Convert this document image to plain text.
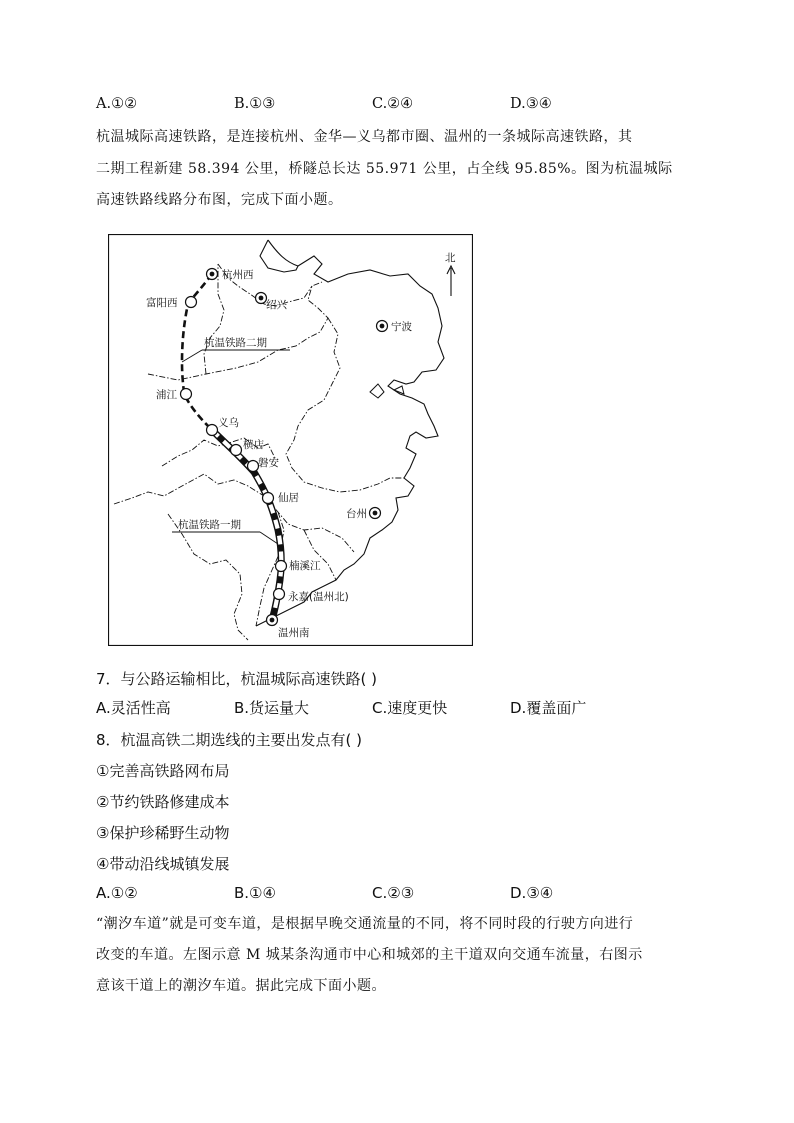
A.①②	B.①③	C.②④	D.③④
杭温城际高速铁路，是连接杭州、金华—义乌都市圈、温州的一条城际高速铁路，其
二期工程新建 58.394 公里，桥隧总长达 55.971 公里，占全线 95.85%。图为杭温城际
高速铁路线路分布图，完成下面小题。
北
杭州西
富阳西	绍兴
宁波
杭温铁路二期
浦江
义乌
横店
磐安
仙居
台州
杭温铁路一期
楠溪江
永嘉(温州北)
温州南
7．与公路运输相比，杭温城际高速铁路( )
A.灵活性高	B.货运量大	C.速度更快	D.覆盖面广
8．杭温高铁二期选线的主要出发点有( )
①完善高铁路网布局
②节约铁路修建成本
③保护珍稀野生动物
④带动沿线城镇发展
A.①②	B.①④	C.②③	D.③④
“潮汐车道”就是可变车道，是根据早晚交通流量的不同，将不同时段的行驶方向进行
改变的车道。左图示意 M 城某条沟通市中心和城郊的主干道双向交通车流量，右图示
意该干道上的潮汐车道。据此完成下面小题。
